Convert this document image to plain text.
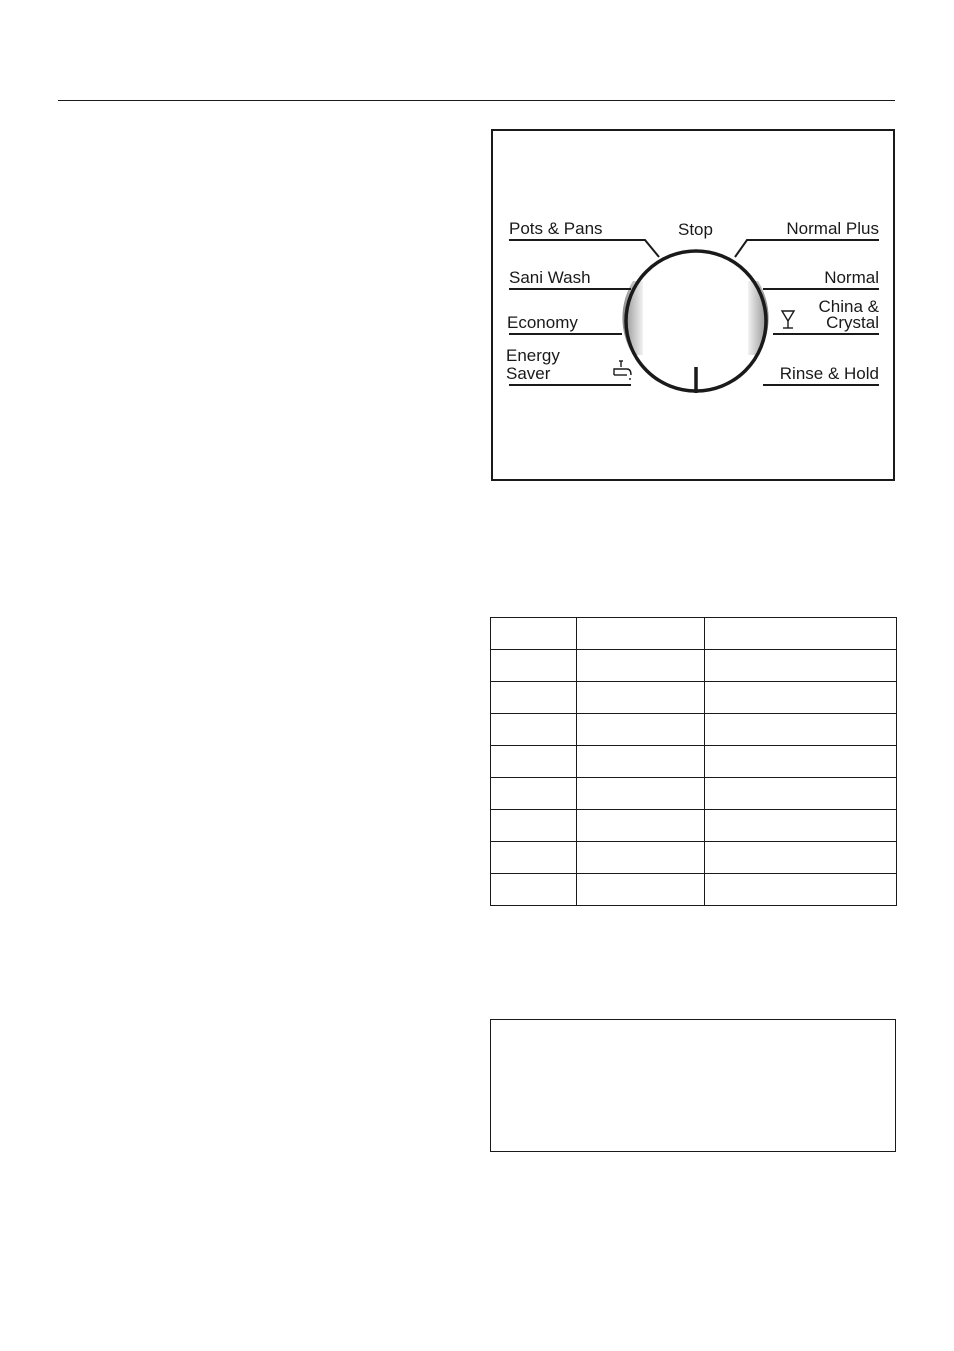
Stop
Pots & Pans
Sani Wash
Economy
Energy
Saver
Normal Plus
Normal
China &
Crystal
Rinse & Hold
